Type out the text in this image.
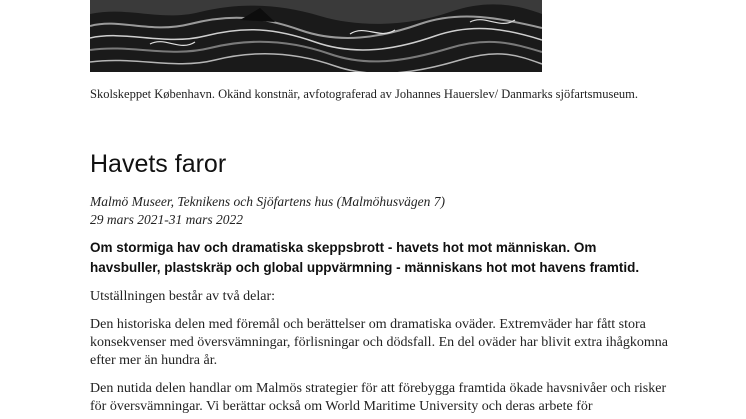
Skolskeppet København. Okänd konstnär, avfotograferad av Johannes Hauerslev/ Danmarks sjöfartsmuseum.
Havets faror
Malmö Museer, Teknikens och Sjöfartens hus (Malmöhusvägen 7)
29 mars 2021-31 mars 2022
Om stormiga hav och dramatiska skeppsbrott - havets hot mot människan. Om havsbuller, plastskräp och global uppvärmning - människans hot mot havens framtid.
Utställningen består av två delar:
Den historiska delen med föremål och berättelser om dramatiska oväder. Extremväder har fått stora konsekvenser med översvämningar, förlisningar och dödsfall. En del oväder har blivit extra ihågkomna efter mer än hundra år.
Den nutida delen handlar om Malmös strategier för att förebygga framtida ökade havsnivåer och risker för översvämningar. Vi berättar också om World Maritime University och deras arbete för
